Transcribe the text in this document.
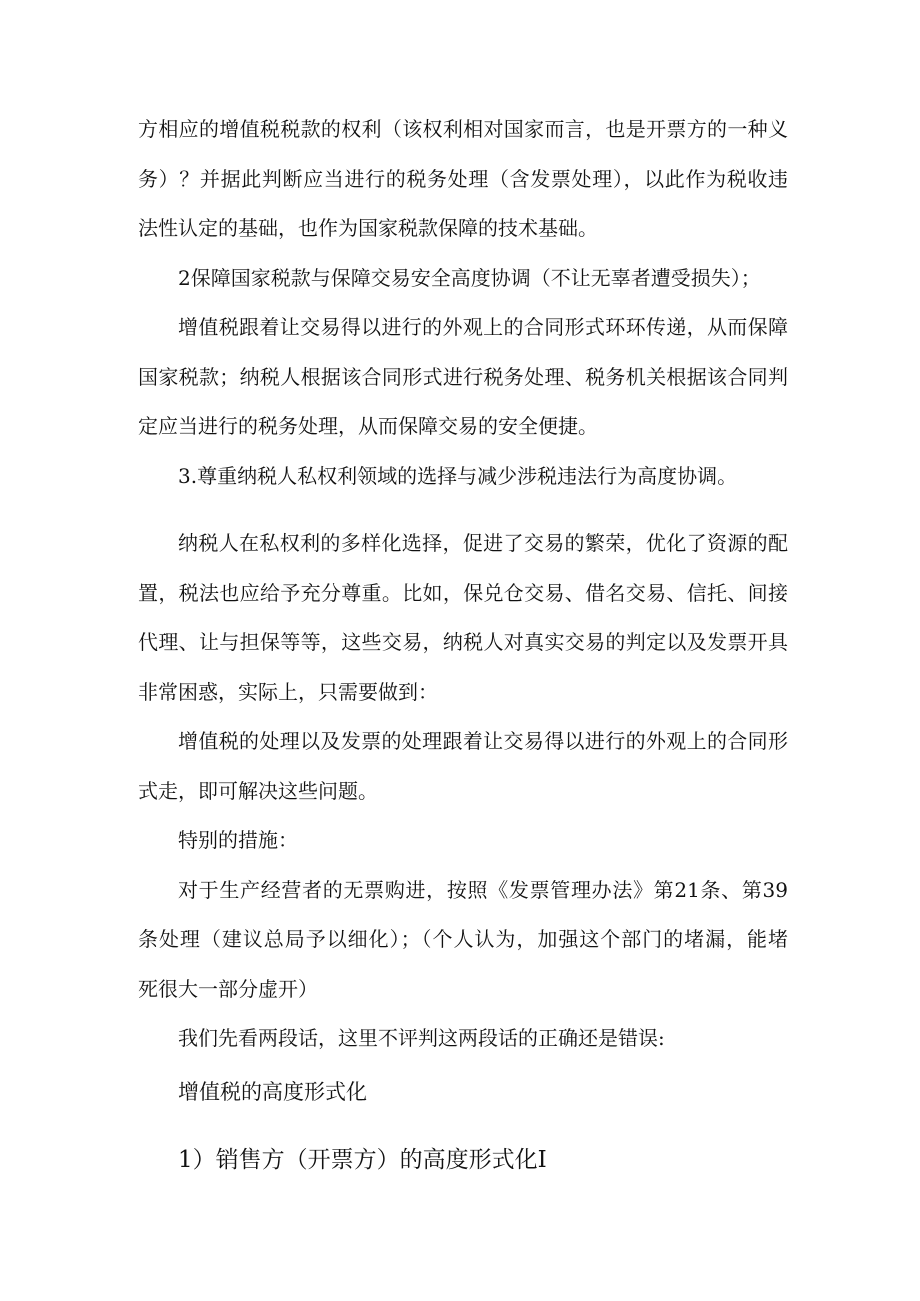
方相应的增值税税款的权利（该权利相对国家而言，也是开票方的一种义
务）？并据此判断应当进行的税务处理（含发票处理），以此作为税收违
法性认定的基础，也作为国家税款保障的技术基础。
2保障国家税款与保障交易安全高度协调（不让无辜者遭受损失）；
增值税跟着让交易得以进行的外观上的合同形式环环传递，从而保障
国家税款；纳税人根据该合同形式进行税务处理、税务机关根据该合同判
定应当进行的税务处理，从而保障交易的安全便捷。
3.尊重纳税人私权利领域的选择与减少涉税违法行为高度协调。
纳税人在私权利的多样化选择，促进了交易的繁荣，优化了资源的配
置，税法也应给予充分尊重。比如，保兑仓交易、借名交易、信托、间接
代理、让与担保等等，这些交易，纳税人对真实交易的判定以及发票开具
非常困惑，实际上，只需要做到：
增值税的处理以及发票的处理跟着让交易得以进行的外观上的合同形
式走，即可解决这些问题。
特别的措施：
对于生产经营者的无票购进，按照《发票管理办法》第21条、第39
条处理（建议总局予以细化）；（个人认为，加强这个部门的堵漏，能堵
死很大一部分虚开）
我们先看两段话，这里不评判这两段话的正确还是错误:
增值税的高度形式化
1）销售方（开票方）的高度形式化I
